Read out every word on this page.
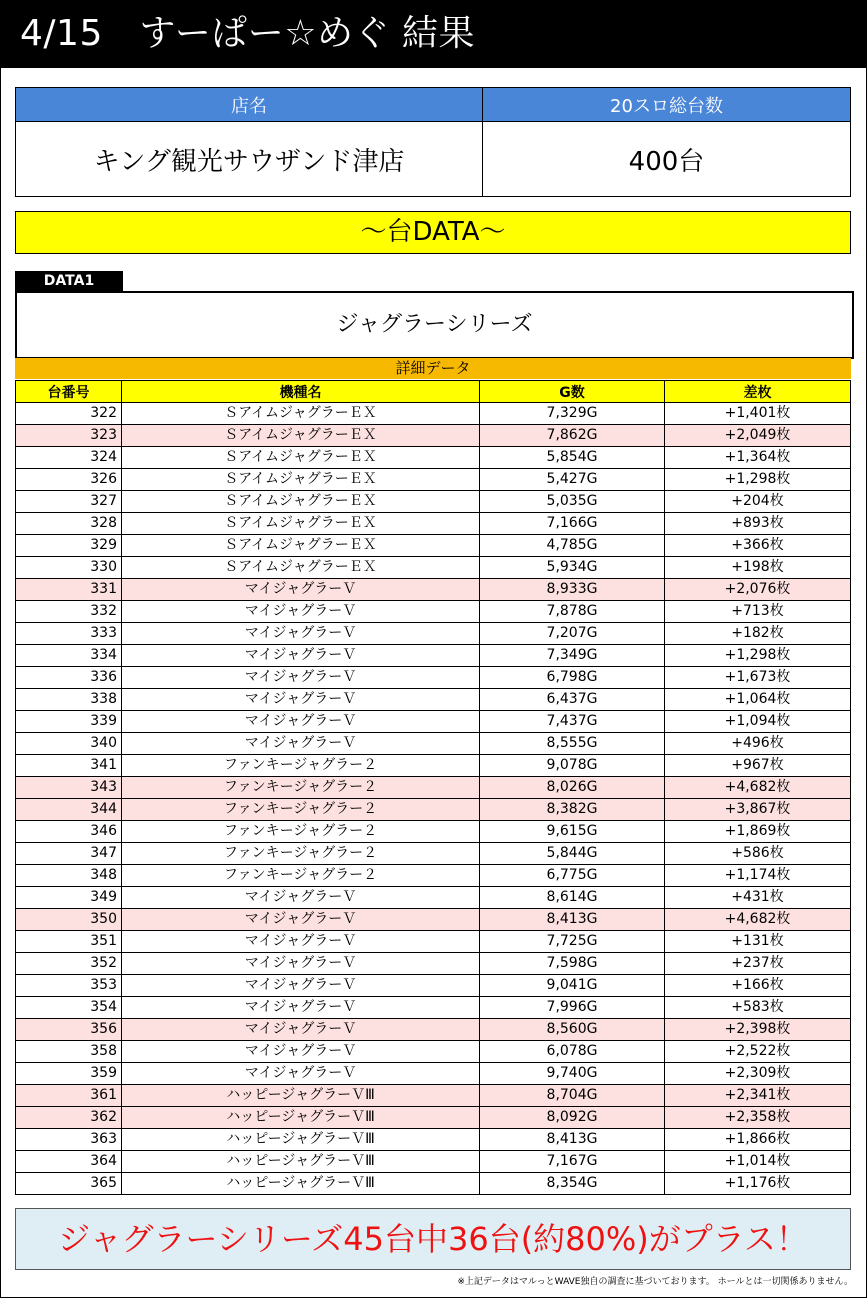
4/15　すーぱー☆めぐ 結果
店名	20スロ総台数
キング観光サウザンド津店	400台
～台DATA～
DATA1
ジャグラーシリーズ
詳細データ
台番号	機種名	G数	差枚
322	ＳアイムジャグラーＥＸ	7,329G	+1,401枚
323	ＳアイムジャグラーＥＸ	7,862G	+2,049枚
324	ＳアイムジャグラーＥＸ	5,854G	+1,364枚
326	ＳアイムジャグラーＥＸ	5,427G	+1,298枚
327	ＳアイムジャグラーＥＸ	5,035G	+204枚
328	ＳアイムジャグラーＥＸ	7,166G	+893枚
329	ＳアイムジャグラーＥＸ	4,785G	+366枚
330	ＳアイムジャグラーＥＸ	5,934G	+198枚
331	マイジャグラーＶ	8,933G	+2,076枚
332	マイジャグラーＶ	7,878G	+713枚
333	マイジャグラーＶ	7,207G	+182枚
334	マイジャグラーＶ	7,349G	+1,298枚
336	マイジャグラーＶ	6,798G	+1,673枚
338	マイジャグラーＶ	6,437G	+1,064枚
339	マイジャグラーＶ	7,437G	+1,094枚
340	マイジャグラーＶ	8,555G	+496枚
341	ファンキージャグラー２	9,078G	+967枚
343	ファンキージャグラー２	8,026G	+4,682枚
344	ファンキージャグラー２	8,382G	+3,867枚
346	ファンキージャグラー２	9,615G	+1,869枚
347	ファンキージャグラー２	5,844G	+586枚
348	ファンキージャグラー２	6,775G	+1,174枚
349	マイジャグラーＶ	8,614G	+431枚
350	マイジャグラーＶ	8,413G	+4,682枚
351	マイジャグラーＶ	7,725G	+131枚
352	マイジャグラーＶ	7,598G	+237枚
353	マイジャグラーＶ	9,041G	+166枚
354	マイジャグラーＶ	7,996G	+583枚
356	マイジャグラーＶ	8,560G	+2,398枚
358	マイジャグラーＶ	6,078G	+2,522枚
359	マイジャグラーＶ	9,740G	+2,309枚
361	ハッピージャグラーＶⅢ	8,704G	+2,341枚
362	ハッピージャグラーＶⅢ	8,092G	+2,358枚
363	ハッピージャグラーＶⅢ	8,413G	+1,866枚
364	ハッピージャグラーＶⅢ	7,167G	+1,014枚
365	ハッピージャグラーＶⅢ	8,354G	+1,176枚
ジャグラーシリーズ45台中36台(約80%)がプラス！
※上記データはマルっとWAVE独自の調査に基づいております。 ホールとは一切関係ありません。
